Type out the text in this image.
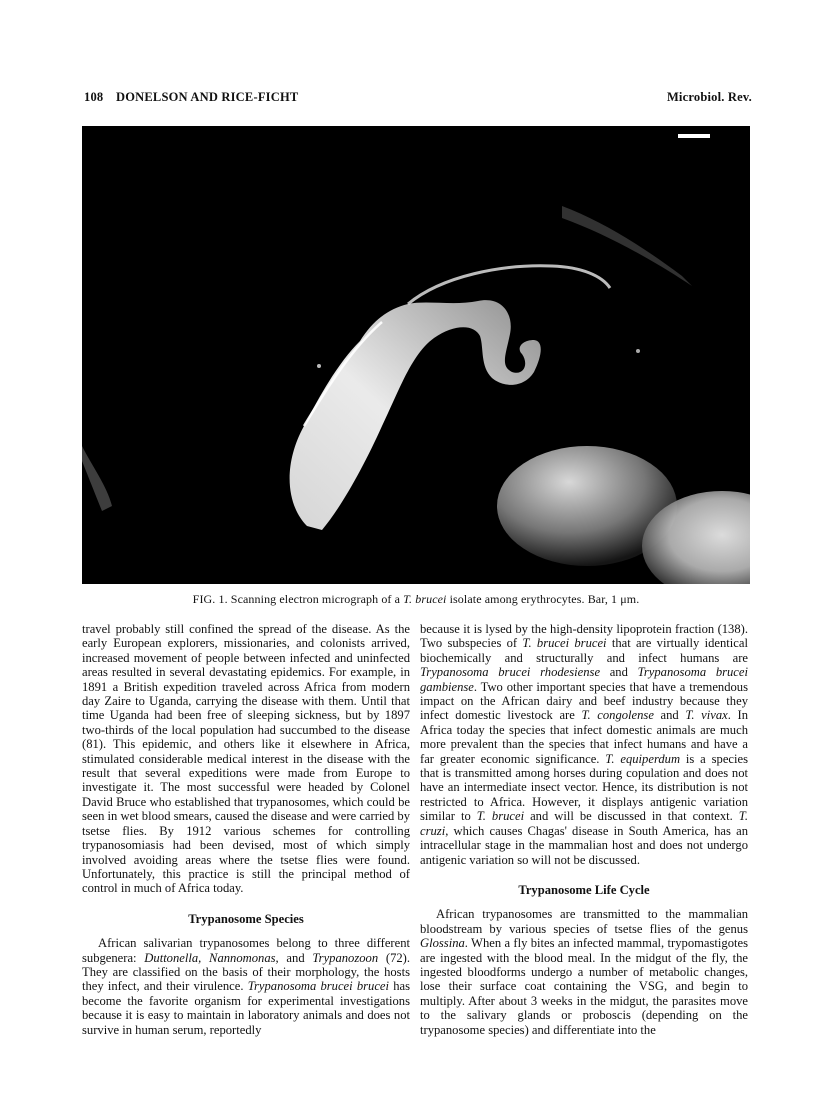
108 DONELSON AND RICE-FICHT	Microbiol. Rev.
FIG. 1. Scanning electron micrograph of a T. brucei isolate among erythrocytes. Bar, 1 μm.

travel probably still confined the spread of the disease. As the early European explorers, missionaries, and colonists arrived, increased movement of people between infected and uninfected areas resulted in several devastating epidemics. For example, in 1891 a British expedition traveled across Africa from modern day Zaire to Uganda, carrying the disease with them. Until that time Uganda had been free of sleeping sickness, but by 1897 two-thirds of the local population had succumbed to the disease (81). This epidemic, and others like it elsewhere in Africa, stimulated considerable medical interest in the disease with the result that several expeditions were made from Europe to investigate it. The most successful were headed by Colonel David Bruce who established that trypanosomes, which could be seen in wet blood smears, caused the disease and were carried by tsetse flies. By 1912 various schemes for controlling trypanosomiasis had been devised, most of which simply involved avoiding areas where the tsetse flies were found. Unfortunately, this practice is still the principal method of control in much of Africa today.

Trypanosome Species

African salivarian trypanosomes belong to three different subgenera: Duttonella, Nannomonas, and Trypanozoon (72). They are classified on the basis of their morphology, the hosts they infect, and their virulence. Trypanosoma brucei brucei has become the favorite organism for experimental investigations because it is easy to maintain in laboratory animals and does not survive in human serum, reportedly

because it is lysed by the high-density lipoprotein fraction (138). Two subspecies of T. brucei brucei that are virtually identical biochemically and structurally and infect humans are Trypanosoma brucei rhodesiense and Trypanosoma brucei gambiense. Two other important species that have a tremendous impact on the African dairy and beef industry because they infect domestic livestock are T. congolense and T. vivax. In Africa today the species that infect domestic animals are much more prevalent than the species that infect humans and have a far greater economic significance. T. equiperdum is a species that is transmitted among horses during copulation and does not have an intermediate insect vector. Hence, its distribution is not restricted to Africa. However, it displays antigenic variation similar to T. brucei and will be discussed in that context. T. cruzi, which causes Chagas' disease in South America, has an intracellular stage in the mammalian host and does not undergo antigenic variation so will not be discussed.

Trypanosome Life Cycle

African trypanosomes are transmitted to the mammalian bloodstream by various species of tsetse flies of the genus Glossina. When a fly bites an infected mammal, trypomastigotes are ingested with the blood meal. In the midgut of the fly, the ingested bloodforms undergo a number of metabolic changes, lose their surface coat containing the VSG, and begin to multiply. After about 3 weeks in the midgut, the parasites move to the salivary glands or proboscis (depending on the trypanosome species) and differentiate into the
